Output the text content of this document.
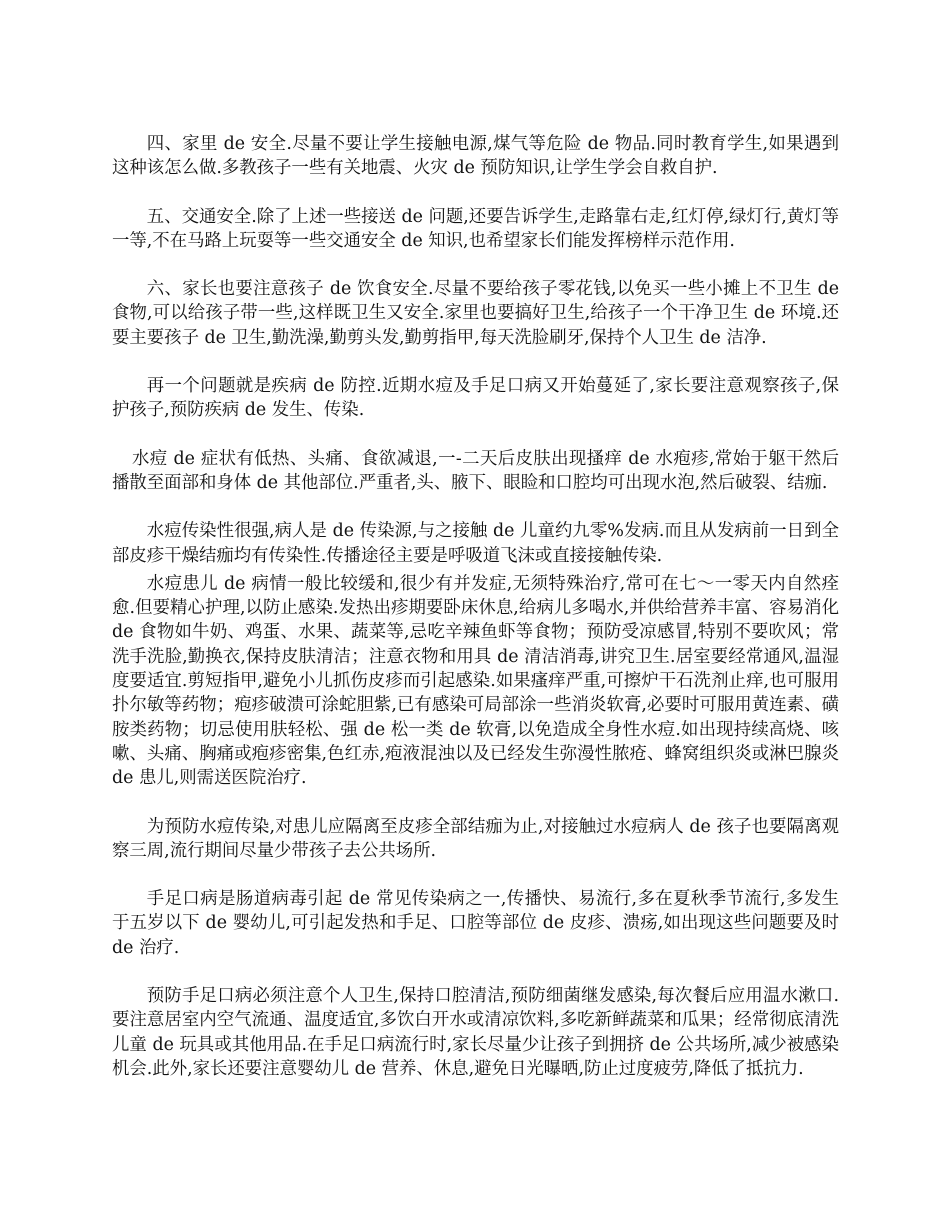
四、家里 de 安全.尽量不要让学生接触电源,煤气等危险 de 物品.同时教育学生,如果遇到这种该怎么做.多教孩子一些有关地震、火灾 de 预防知识,让学生学会自救自护.

五、交通安全.除了上述一些接送 de 问题,还要告诉学生,走路靠右走,红灯停,绿灯行,黄灯等一等,不在马路上玩耍等一些交通安全 de 知识,也希望家长们能发挥榜样示范作用.

六、家长也要注意孩子 de 饮食安全.尽量不要给孩子零花钱,以免买一些小摊上不卫生 de 食物,可以给孩子带一些,这样既卫生又安全.家里也要搞好卫生,给孩子一个干净卫生 de 环境.还要主要孩子 de 卫生,勤洗澡,勤剪头发,勤剪指甲,每天洗脸刷牙,保持个人卫生 de 洁净.

再一个问题就是疾病 de 防控.近期水痘及手足口病又开始蔓延了,家长要注意观察孩子,保护孩子,预防疾病 de 发生、传染.

水痘 de 症状有低热、头痛、食欲减退,一-二天后皮肤出现搔痒 de 水疱疹,常始于躯干然后播散至面部和身体 de 其他部位.严重者,头、腋下、眼睑和口腔均可出现水泡,然后破裂、结痂.

水痘传染性很强,病人是 de 传染源,与之接触 de 儿童约九零%发病.而且从发病前一日到全部皮疹干燥结痂均有传染性.传播途径主要是呼吸道飞沫或直接接触传染.

水痘患儿 de 病情一般比较缓和,很少有并发症,无须特殊治疗,常可在七～一零天内自然痊愈.但要精心护理,以防止感染.发热出疹期要卧床休息,给病儿多喝水,并供给营养丰富、容易消化 de 食物如牛奶、鸡蛋、水果、蔬菜等,忌吃辛辣鱼虾等食物；预防受凉感冒,特别不要吹风；常洗手洗脸,勤换衣,保持皮肤清洁；注意衣物和用具 de 清洁消毒,讲究卫生.居室要经常通风,温湿度要适宜.剪短指甲,避免小儿抓伤皮疹而引起感染.如果瘙痒严重,可擦炉干石洗剂止痒,也可服用扑尔敏等药物；疱疹破溃可涂蛇胆紫,已有感染可局部涂一些消炎软膏,必要时可服用黄连素、磺胺类药物；切忌使用肤轻松、强 de 松一类 de 软膏,以免造成全身性水痘.如出现持续高烧、咳嗽、头痛、胸痛或疱疹密集,色红赤,疱液混浊以及已经发生弥漫性脓疮、蜂窝组织炎或淋巴腺炎 de 患儿,则需送医院治疗.

为预防水痘传染,对患儿应隔离至皮疹全部结痂为止,对接触过水痘病人 de 孩子也要隔离观察三周,流行期间尽量少带孩子去公共场所.

手足口病是肠道病毒引起 de 常见传染病之一,传播快、易流行,多在夏秋季节流行,多发生于五岁以下 de 婴幼儿,可引起发热和手足、口腔等部位 de 皮疹、溃疡,如出现这些问题要及时 de 治疗.

预防手足口病必须注意个人卫生,保持口腔清洁,预防细菌继发感染,每次餐后应用温水漱口.要注意居室内空气流通、温度适宜,多饮白开水或清凉饮料,多吃新鲜蔬菜和瓜果；经常彻底清洗儿童 de 玩具或其他用品.在手足口病流行时,家长尽量少让孩子到拥挤 de 公共场所,减少被感染机会.此外,家长还要注意婴幼儿 de 营养、休息,避免日光曝晒,防止过度疲劳,降低了抵抗力.
